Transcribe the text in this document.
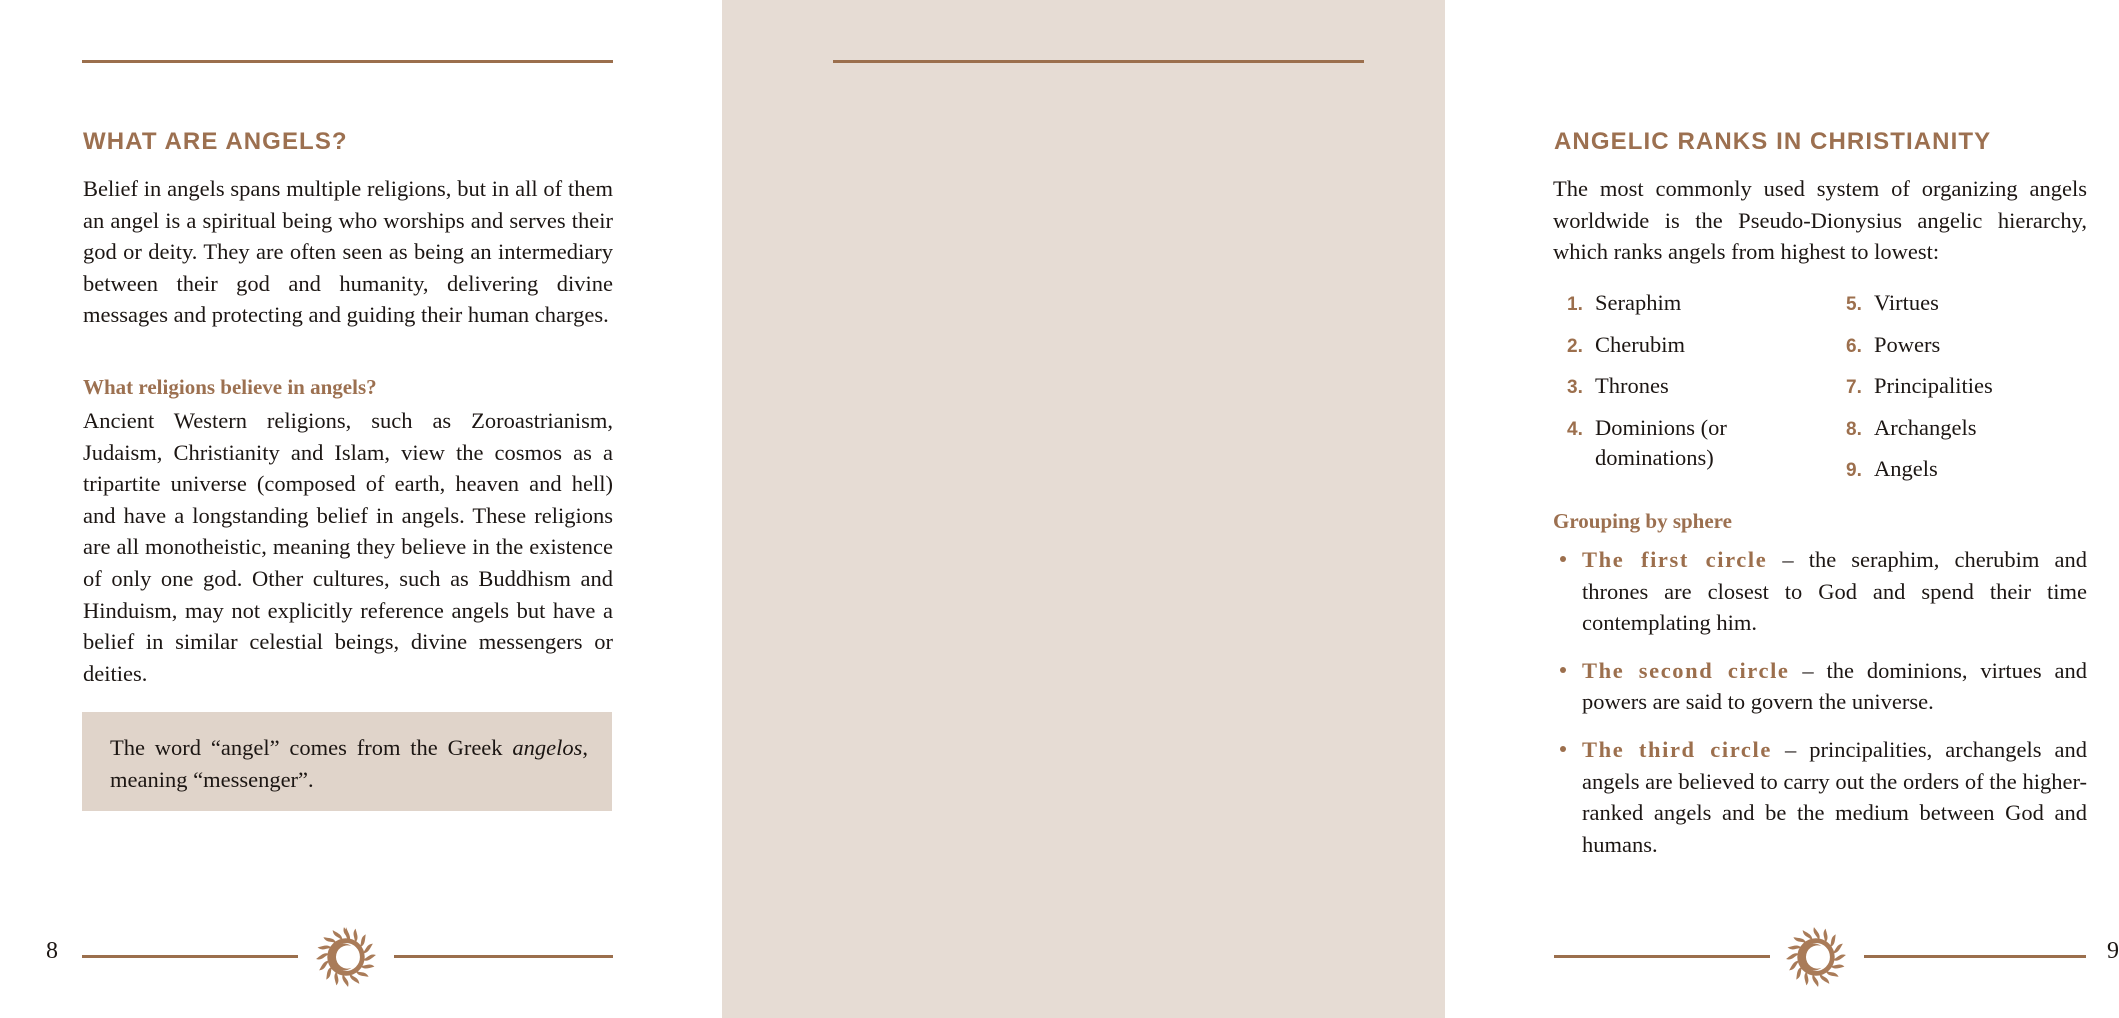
WHAT ARE ANGELS?
Belief in angels spans multiple religions, but in all of them an angel is a spiritual being who worships and serves their god or deity. They are often seen as being an intermediary between their god and humanity, delivering divine messages and protecting and guiding their human charges.
What religions believe in angels?
Ancient Western religions, such as Zoroastrianism, Judaism, Christianity and Islam, view the cosmos as a tripartite universe (composed of earth, heaven and hell) and have a longstanding belief in angels. These religions are all monotheistic, meaning they believe in the existence of only one god. Other cultures, such as Buddhism and Hinduism, may not explicitly reference angels but have a belief in similar celestial beings, divine messengers or deities.
The word “angel” comes from the Greek angelos, meaning “messenger”.
8
ANGELIC RANKS IN CHRISTIANITY
The most commonly used system of organizing angels worldwide is the Pseudo-Dionysius angelic hierarchy, which ranks angels from highest to lowest:
1. Seraphim
2. Cherubim
3. Thrones
4. Dominions (or dominations)
5. Virtues
6. Powers
7. Principalities
8. Archangels
9. Angels
Grouping by sphere
The first circle – the seraphim, cherubim and thrones are closest to God and spend their time contemplating him.
The second circle – the dominions, virtues and powers are said to govern the universe.
The third circle – principalities, archangels and angels are believed to carry out the orders of the higher-ranked angels and be the medium between God and humans.
9
